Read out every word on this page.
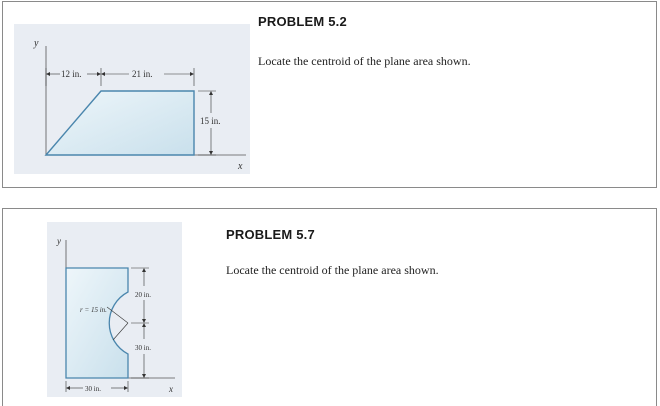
y
x
12 in.	21 in.
15 in.
PROBLEM 5.2
Locate the centroid of the plane area shown.
y
x
r = 15 in.
20 in.
30 in.
30 in.
PROBLEM 5.7
Locate the centroid of the plane area shown.
